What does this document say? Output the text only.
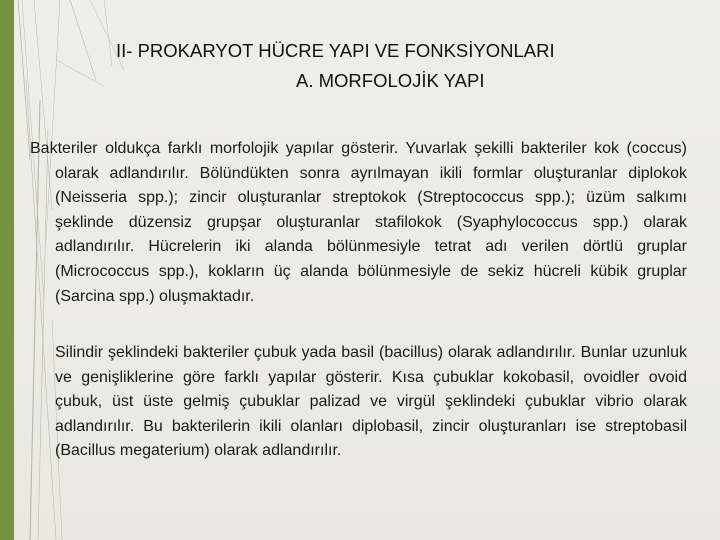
II- PROKARYOT HÜCRE YAPI VE FONKSİYONLARI
A. MORFOLOJİK YAPI

Bakteriler oldukça farklı morfolojik yapılar gösterir. Yuvarlak şekilli bakteriler kok (coccus) olarak adlandırılır. Bölündükten sonra ayrılmayan ikili formlar oluşturanlar diplokok (Neisseria spp.); zincir oluşturanlar streptokok (Streptococcus spp.); üzüm salkımı şeklinde düzensiz grupşar oluşturanlar stafilokok (Syaphylococcus spp.) olarak adlandırılır. Hücrelerin iki alanda bölünmesiyle tetrat adı verilen dörtlü gruplar (Micrococcus spp.), kokların üç alanda bölünmesiyle de sekiz hücreli kübik gruplar (Sarcina spp.) oluşmaktadır.

Silindir şeklindeki bakteriler çubuk yada basil (bacillus) olarak adlandırılır. Bunlar uzunluk ve genişliklerine göre farklı yapılar gösterir. Kısa çubuklar kokobasil, ovoidler ovoid çubuk, üst üste gelmiş çubuklar palizad ve virgül şeklindeki çubuklar vibrio olarak adlandırılır. Bu bakterilerin ikili olanları diplobasil, zincir oluşturanları ise streptobasil (Bacillus megaterium) olarak adlandırılır.
